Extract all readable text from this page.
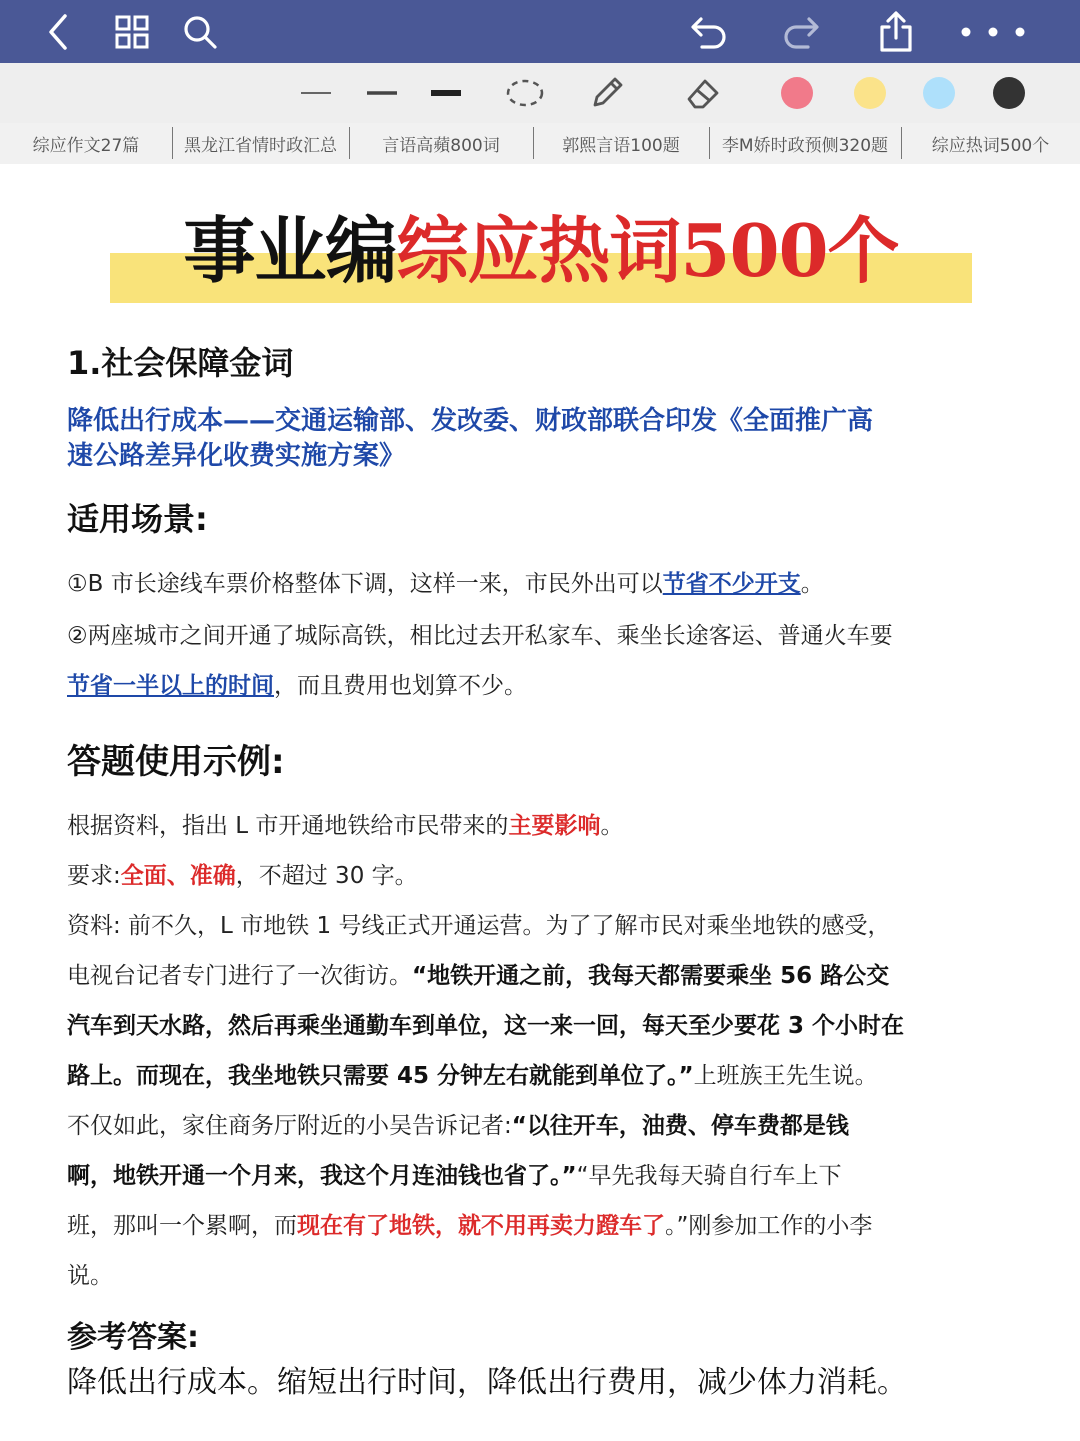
综应作文27篇	黑龙江省情时政汇总	言语高蘋800词	郭熙言语100题	李M娇时政预侧320题	综应热词500个
事业编综应热词500个
1.社会保障金词
降低出行成本——交通运输部、发改委、财政部联合印发《全面推广高
速公路差异化收费实施方案》
适用场景:

①B 市长途线车票价格整体下调，这样一来，市民外出可以节省不少开支。

②两座城市之间开通了城际高铁，相比过去开私家车、乘坐长途客运、普通火车要

节省一半以上的时间，而且费用也划算不少。

答题使用示例:

根据资料，指出 L 市开通地铁给市民带来的主要影响。

要求:全面、准确，不超过 30 字。

资料: 前不久，L 市地铁 1 号线正式开通运营。为了了解市民对乘坐地铁的感受，

电视台记者专门进行了一次街访。“地铁开通之前，我每天都需要乘坐 56 路公交

汽车到天水路，然后再乘坐通勤车到单位，这一来一回，每天至少要花 3 个小时在

路上。而现在，我坐地铁只需要 45 分钟左右就能到单位了。”上班族王先生说。

不仅如此，家住商务厅附近的小吴告诉记者:“以往开车，油费、停车费都是钱

啊，地铁开通一个月来，我这个月连油钱也省了。”“早先我每天骑自行车上下

班，那叫一个累啊，而现在有了地铁，就不用再卖力蹬车了。”刚参加工作的小李

说。

参考答案:
降低出行成本。缩短出行时间，降低出行费用，减少体力消耗。
